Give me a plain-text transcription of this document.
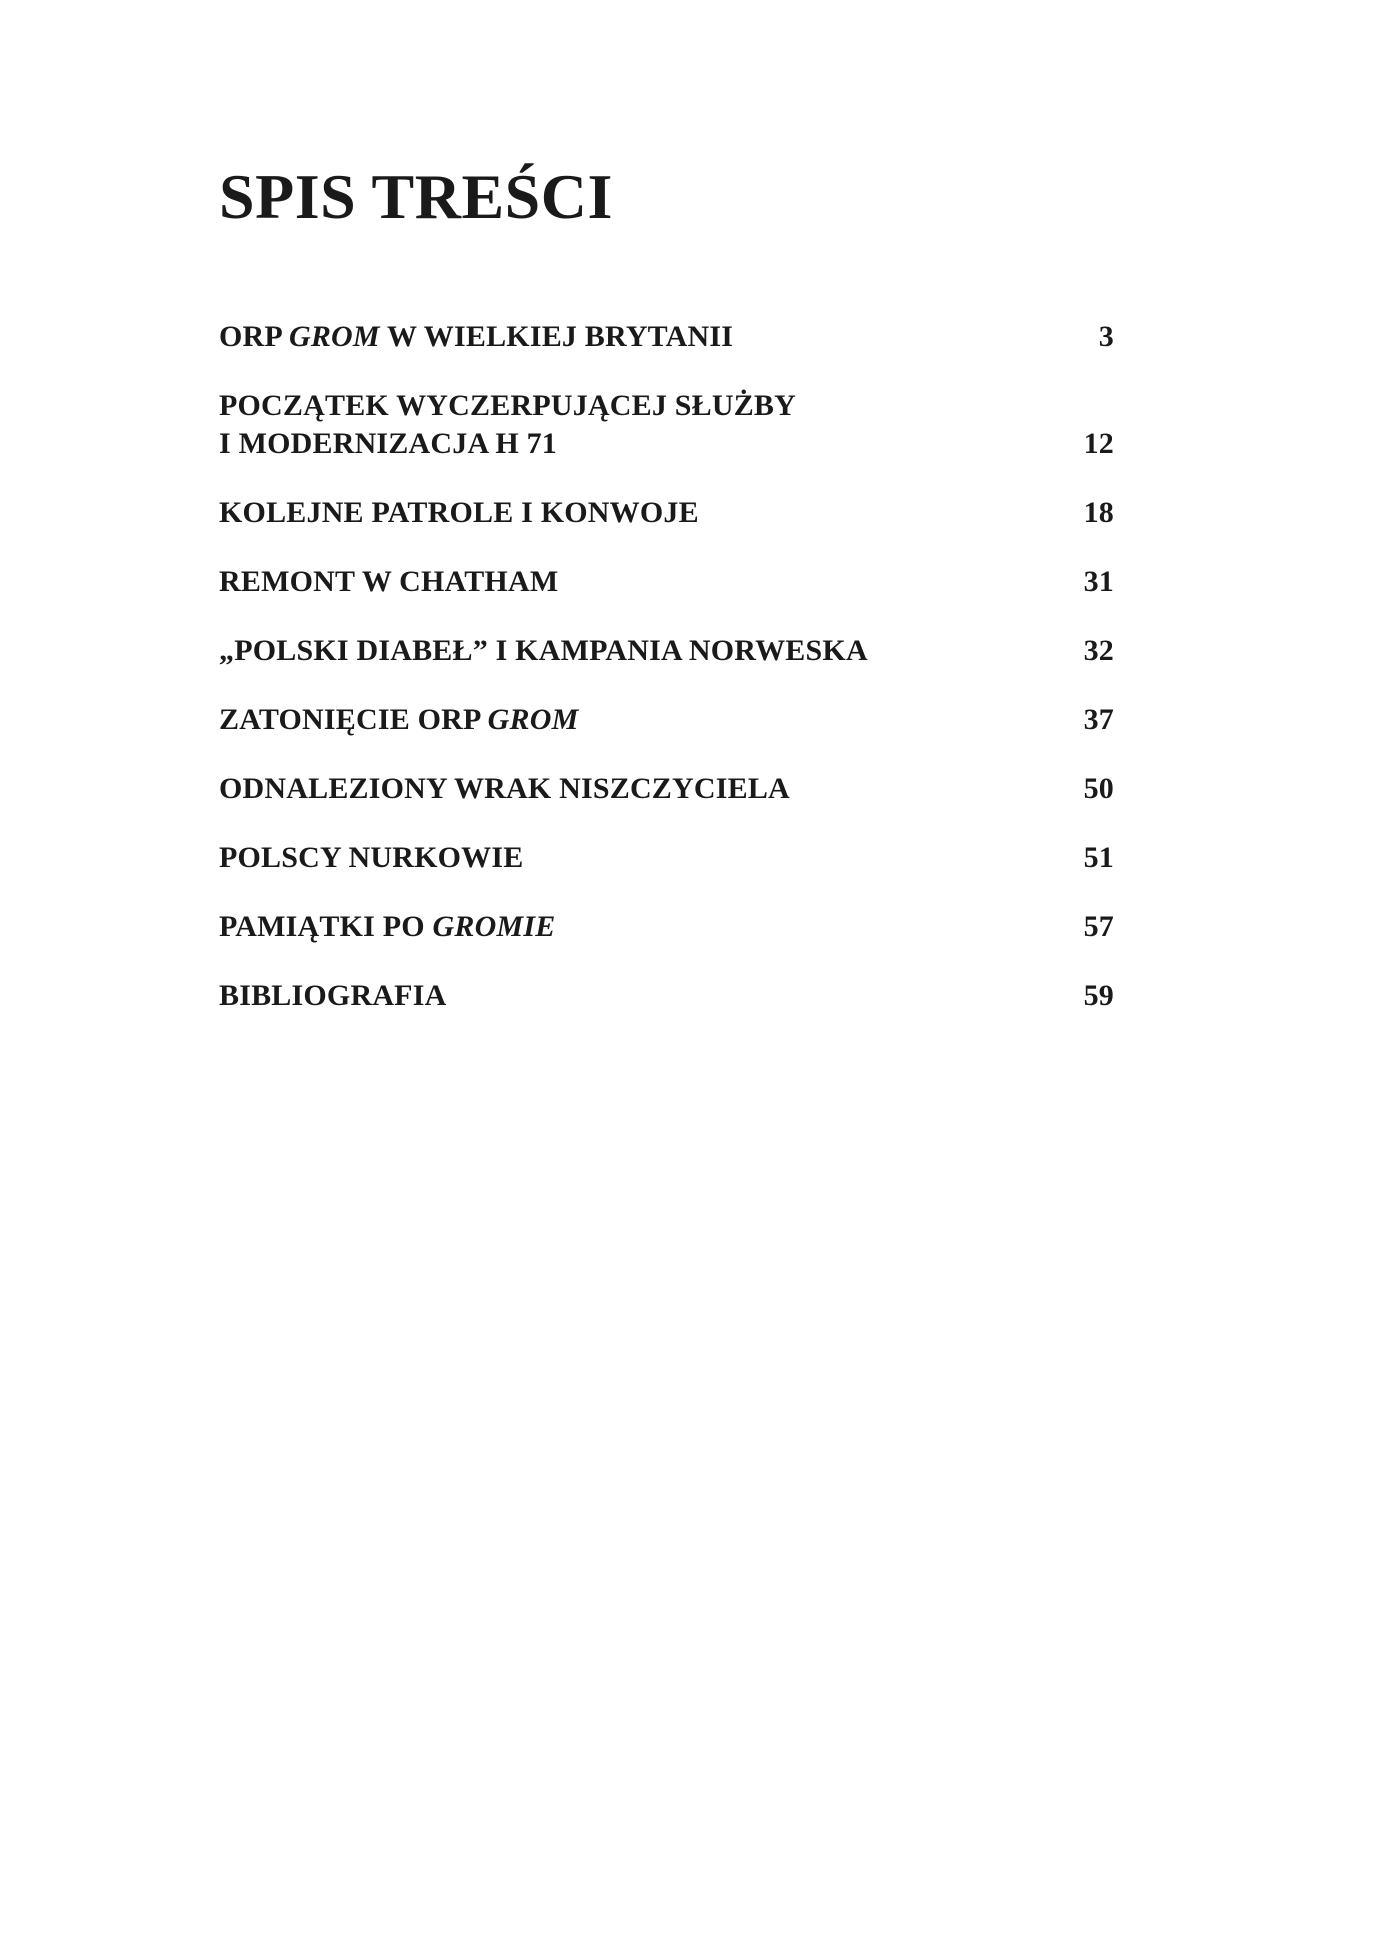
SPIS TREŚCI
ORP GROM W WIELKIEJ BRYTANII	3
POCZĄTEK WYCZERPUJĄCEJ SŁUŻBY
I MODERNIZACJA H 71	12
KOLEJNE PATROLE I KONWOJE	18
REMONT W CHATHAM	31
„POLSKI DIABEŁ” I KAMPANIA NORWESKA	32
ZATONIĘCIE ORP GROM	37
ODNALEZIONY WRAK NISZCZYCIELA	50
POLSCY NURKOWIE	51
PAMIĄTKI PO GROMIE	57
BIBLIOGRAFIA	59
